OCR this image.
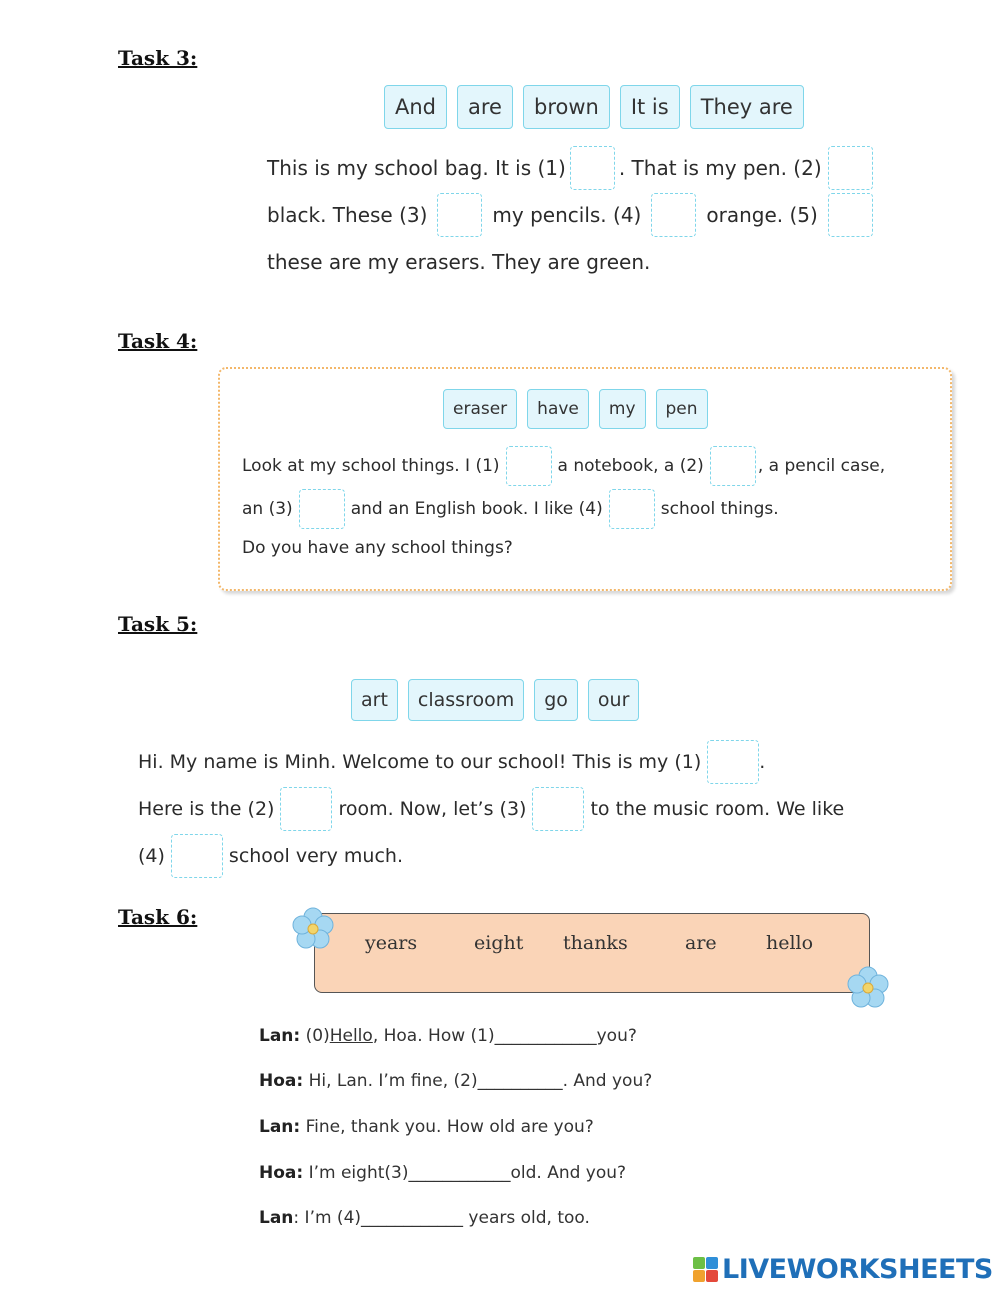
Task 3:
And	are	brown	It is	They are
This is my school bag. It is (1)	. That is my pen. (2)
black. These (3)	my pencils. (4)	orange. (5)
these are my erasers. They are green.
Task 4:
eraser	have	my	pen
Look at my school things. I (1)	a notebook, a (2)	, a pencil case,
an (3)	and an English book. I like (4)	school things.
Do you have any school things?
Task 5:
art	classroom	go	our
Hi. My name is Minh. Welcome to our school! This is my (1)	.
Here is the (2)	room. Now, let’s (3)	to the music room. We like
(4)	school very much.
Task 6:
years	eight thanks	are	hello
Lan: (0)Hello, Hoa. How (1)____________you?
Hoa: Hi, Lan. I’m fine, (2)__________. And you?
Lan: Fine, thank you. How old are you?
Hoa: I’m eight(3)____________old. And you?
Lan: I’m (4)____________ years old, too.
LIVEWORKSHEETS
